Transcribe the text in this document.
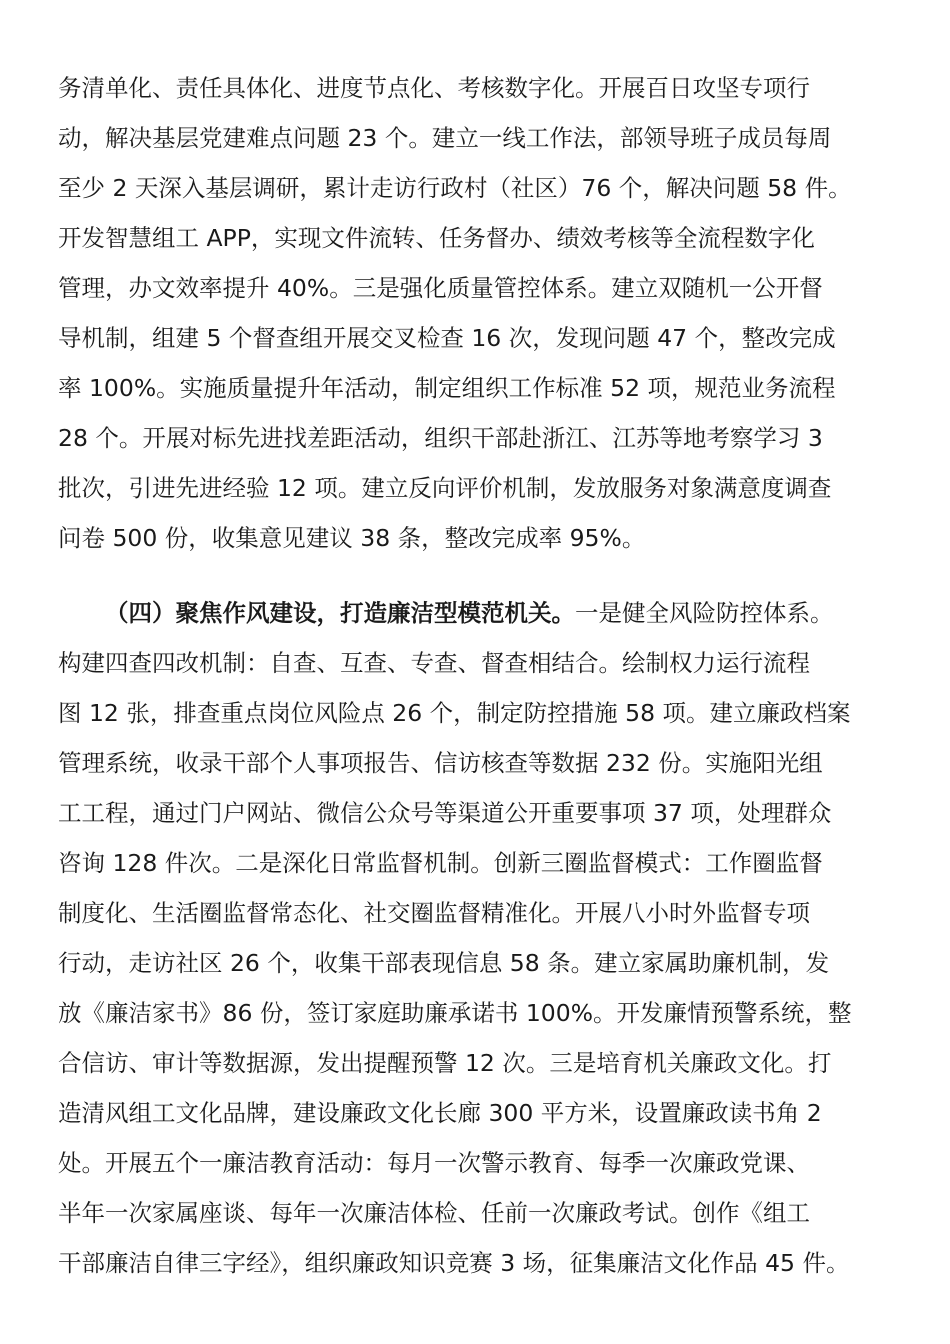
务清单化、责任具体化、进度节点化、考核数字化。开展百日攻坚专项行
动，解决基层党建难点问题 23 个。建立一线工作法，部领导班子成员每周
至少 2 天深入基层调研，累计走访行政村（社区）76 个，解决问题 58 件。
开发智慧组工 APP，实现文件流转、任务督办、绩效考核等全流程数字化
管理，办文效率提升 40%。三是强化质量管控体系。建立双随机一公开督
导机制，组建 5 个督查组开展交叉检查 16 次，发现问题 47 个，整改完成
率 100%。实施质量提升年活动，制定组织工作标准 52 项，规范业务流程
28 个。开展对标先进找差距活动，组织干部赴浙江、江苏等地考察学习 3
批次，引进先进经验 12 项。建立反向评价机制，发放服务对象满意度调查
问卷 500 份，收集意见建议 38 条，整改完成率 95%。
（四）聚焦作风建设，打造廉洁型模范机关。一是健全风险防控体系。
构建四查四改机制：自查、互查、专查、督查相结合。绘制权力运行流程
图 12 张，排查重点岗位风险点 26 个，制定防控措施 58 项。建立廉政档案
管理系统，收录干部个人事项报告、信访核查等数据 232 份。实施阳光组
工工程，通过门户网站、微信公众号等渠道公开重要事项 37 项，处理群众
咨询 128 件次。二是深化日常监督机制。创新三圈监督模式：工作圈监督
制度化、生活圈监督常态化、社交圈监督精准化。开展八小时外监督专项
行动，走访社区 26 个，收集干部表现信息 58 条。建立家属助廉机制，发
放《廉洁家书》86 份，签订家庭助廉承诺书 100%。开发廉情预警系统，整
合信访、审计等数据源，发出提醒预警 12 次。三是培育机关廉政文化。打
造清风组工文化品牌，建设廉政文化长廊 300 平方米，设置廉政读书角 2
处。开展五个一廉洁教育活动：每月一次警示教育、每季一次廉政党课、
半年一次家属座谈、每年一次廉洁体检、任前一次廉政考试。创作《组工
干部廉洁自律三字经》，组织廉政知识竞赛 3 场，征集廉洁文化作品 45 件。
